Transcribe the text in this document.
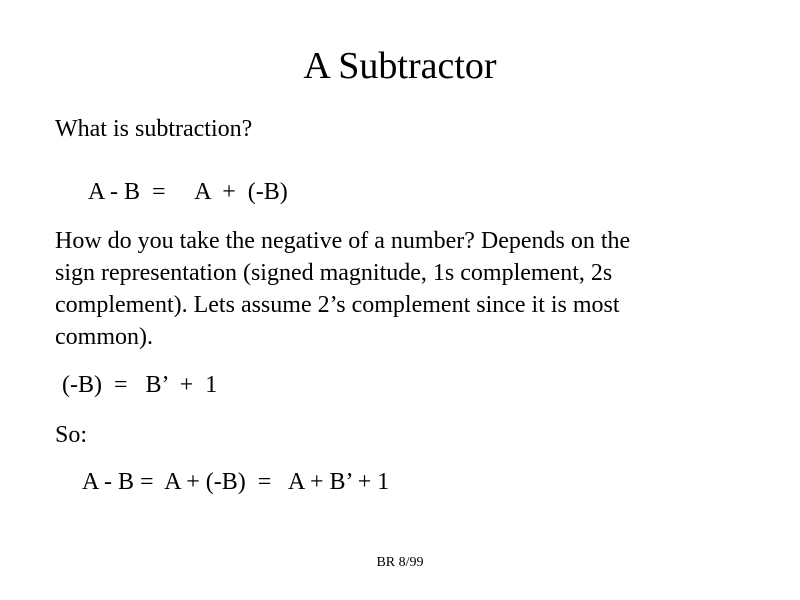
A Subtractor
What is subtraction?
A - B  =     A  +  (-B)
How do you take the negative of a number? Depends on the
sign representation (signed magnitude, 1s complement, 2s
complement). Lets assume 2’s complement since it is most
common).
(-B)  =   B’  +  1
So:
A - B =  A + (-B)  =   A + B’ + 1
BR 8/99
